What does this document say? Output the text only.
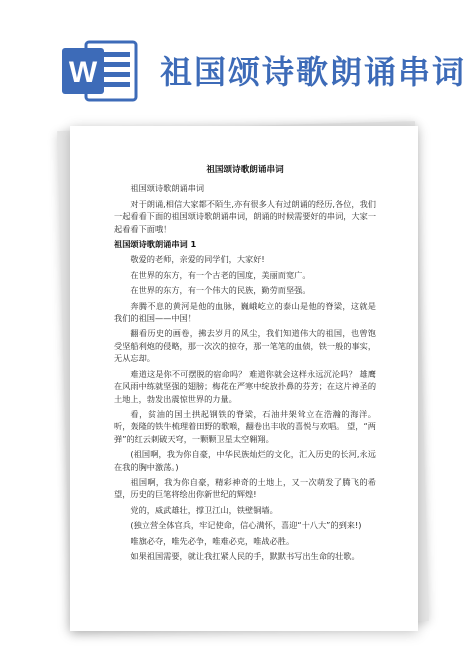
W 祖国颂诗歌朗诵串词
祖国颂诗歌朗诵串词
祖国颂诗歌朗诵串词
对于朗诵,相信大家都不陌生,亦有很多人有过朗诵的经历,各位，我们一起看看下面的祖国颂诗歌朗诵串词，朗诵的时候需要好的串词，大家一起看看下面哦！
祖国颂诗歌朗诵串词 1
敬爱的老师，亲爱的同学们，大家好!
在世界的东方，有一个古老的国度，美丽而宽广。
在世界的东方，有一个伟大的民族，勤劳而坚强。
奔腾不息的黄河是他的血脉，巍峨屹立的泰山是他的脊梁，这就是我们的祖国——中国！
翻看历史的画卷，拂去岁月的风尘，我们知道伟大的祖国，也曾饱受坚船利炮的侵略，那一次次的掠夺，那一笔笔的血债，铁一般的事实，无从忘却。
难道这是你不可摆脱的宿命吗？ 难道你就会这样永远沉沦吗？ 雄鹰在风雨中练就坚强的翅膀；梅花在严寒中绽放扑鼻的芬芳；在这片神圣的土地上，勃发出震惊世界的力量。
看，贫油的国土拱起钢铁的脊梁，石油井架耸立在浩瀚的海洋。听，轰隆的铁牛梳理着田野的歌喉，翻卷出丰收的喜悦与欢唱。 望，“两弹”的红云刺破天穹，一颗颗卫星太空翱翔。
(祖国啊，我为你自豪，中华民族灿烂的文化，汇入历史的长河,永远在我的胸中激荡。)
祖国啊，我为你自豪，精彩神奇的土地上，又一次萌发了腾飞的希望，历史的巨笔将绘出你新世纪的辉煌!
党的，威武雄壮，撑卫江山，铁壁铜墙。
(独立营全体官兵，牢记使命，信心满怀，喜迎“十八大”的到来!)
唯旗必夺，唯先必争，唯难必克，唯战必胜。
如果祖国需要，就让我扛紧人民的手，默默书写出生命的壮歌。
